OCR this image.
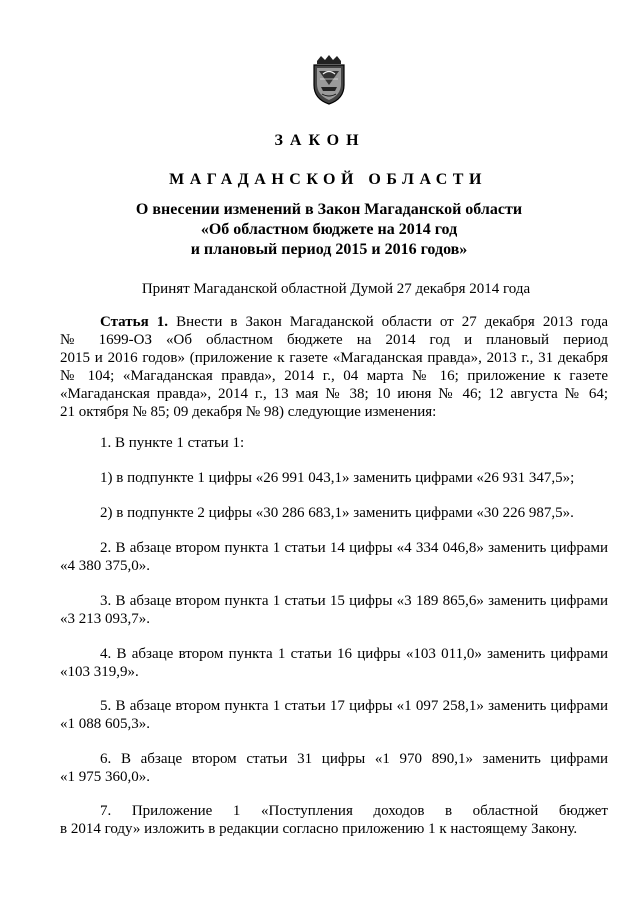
ЗАКОН
МАГАДАНСКОЙ ОБЛАСТИ
О внесении изменений в Закон Магаданской области
«Об областном бюджете на 2014 год
и плановый период 2015 и 2016 годов»
Принят Магаданской областной Думой 27 декабря 2014 года
Статья 1. Внести в Закон Магаданской области от 27 декабря 2013 года
№ 1699-ОЗ «Об областном бюджете на 2014 год и плановый период
2015 и 2016 годов» (приложение к газете «Магаданская правда», 2013 г., 31 декабря
№ 104; «Магаданская правда», 2014 г., 04 марта № 16; приложение к газете
«Магаданская правда», 2014 г., 13 мая № 38; 10 июня № 46; 12 августа № 64;
21 октября № 85; 09 декабря № 98) следующие изменения:
1. В пункте 1 статьи 1:
1) в подпункте 1 цифры «26 991 043,1» заменить цифрами «26 931 347,5»;
2) в подпункте 2 цифры «30 286 683,1» заменить цифрами «30 226 987,5».
2. В абзаце втором пункта 1 статьи 14 цифры «4 334 046,8» заменить цифрами
«4 380 375,0».
3. В абзаце втором пункта 1 статьи 15 цифры «3 189 865,6» заменить цифрами
«3 213 093,7».
4. В абзаце втором пункта 1 статьи 16 цифры «103 011,0» заменить цифрами
«103 319,9».
5. В абзаце втором пункта 1 статьи 17 цифры «1 097 258,1» заменить цифрами
«1 088 605,3».
6. В абзаце втором статьи 31 цифры «1 970 890,1» заменить цифрами
«1 975 360,0».
7. Приложение 1 «Поступления доходов в областной бюджет
в 2014 году» изложить в редакции согласно приложению 1 к настоящему Закону.
